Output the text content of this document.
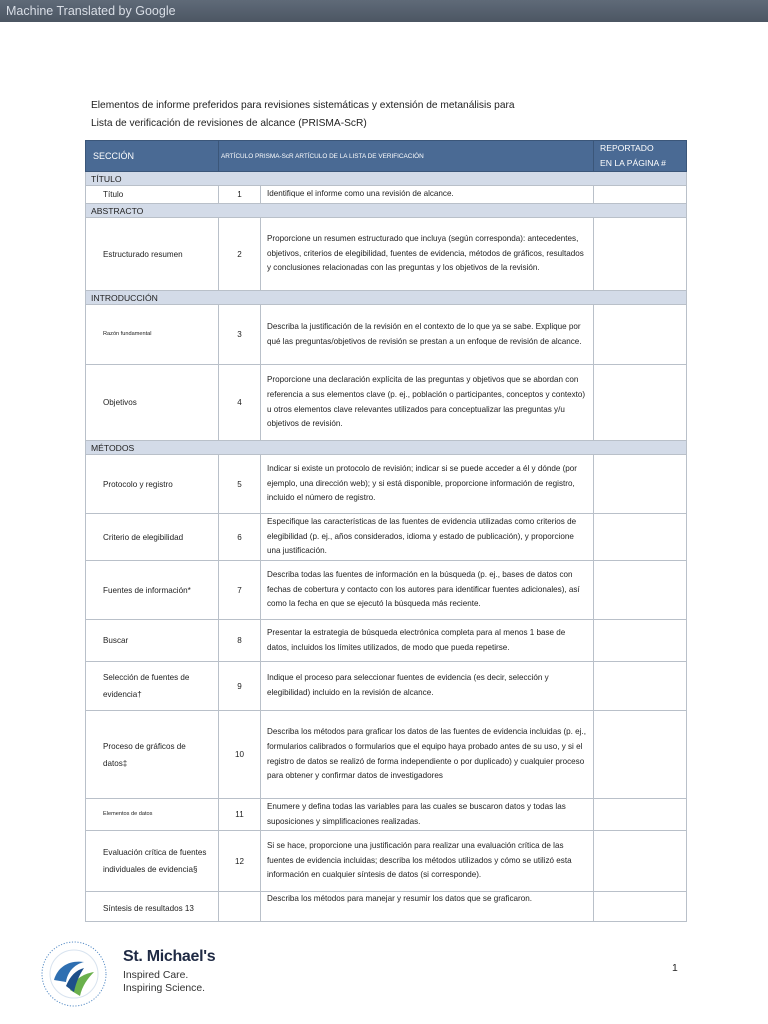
Machine Translated by Google
Elementos de informe preferidos para revisiones sistemáticas y extensión de metanálisis para
Lista de verificación de revisiones de alcance (PRISMA-ScR)
SECCIÓN	ARTÍCULO PRISMA-ScR ARTÍCULO DE LA LISTA DE VERIFICACIÓN		REPORTADO
EN LA PÁGINA #

TÍTULO			
Título	1	Identifique el informe como una revisión de alcance.	
ABSTRACTO			
Estructurado resumen	2	Proporcione un resumen estructurado que incluya (según corresponda): antecedentes, objetivos, criterios de elegibilidad, fuentes de evidencia, métodos de gráficos, resultados y conclusiones relacionadas con las preguntas y los objetivos de la revisión.	
INTRODUCCIÓN			
Razón fundamental	3	Describa la justificación de la revisión en el contexto de lo que ya se sabe. Explique por qué las preguntas/objetivos de revisión se prestan a un enfoque de revisión de alcance.	
Objetivos	4	Proporcione una declaración explícita de las preguntas y objetivos que se abordan con referencia a sus elementos clave (p. ej., población o participantes, conceptos y contexto) u otros elementos clave relevantes utilizados para conceptualizar las preguntas y/u objetivos de revisión.	
MÉTODOS			
Protocolo y registro	5	Indicar si existe un protocolo de revisión; indicar si se puede acceder a él y dónde (por ejemplo, una dirección web); y si está disponible, proporcione información de registro, incluido el número de registro.	
Criterio de elegibilidad	6	Especifique las características de las fuentes de evidencia utilizadas como criterios de elegibilidad (p. ej., años considerados, idioma y estado de publicación), y proporcione una justificación.	
Fuentes de información*	7	Describa todas las fuentes de información en la búsqueda (p. ej., bases de datos con fechas de cobertura y contacto con los autores para identificar fuentes adicionales), así como la fecha en que se ejecutó la búsqueda más reciente.	
Buscar	8	Presentar la estrategia de búsqueda electrónica completa para al menos 1 base de datos, incluidos los límites utilizados, de modo que pueda repetirse.	
Selección de fuentes de evidencia†	9	Indique el proceso para seleccionar fuentes de evidencia (es decir, selección y elegibilidad) incluido en la revisión de alcance.	
Proceso de gráficos de datos‡	10	Describa los métodos para graficar los datos de las fuentes de evidencia incluidas (p. ej., formularios calibrados o formularios que el equipo haya probado antes de su uso, y si el registro de datos se realizó de forma independiente o por duplicado) y cualquier proceso para obtener y confirmar datos de investigadores	
Elementos de datos	11	Enumere y defina todas las variables para las cuales se buscaron datos y todas las suposiciones y simplificaciones realizadas.	
Evaluación crítica de fuentes individuales de evidencia§	12	Si se hace, proporcione una justificación para realizar una evaluación crítica de las fuentes de evidencia incluidas; describa los métodos utilizados y cómo se utilizó esta información en cualquier síntesis de datos (si corresponde).	
Síntesis de resultados 13		Describa los métodos para manejar y resumir los datos que se graficaron.	
St. Michael's
Inspired Care.
Inspiring Science.
1
